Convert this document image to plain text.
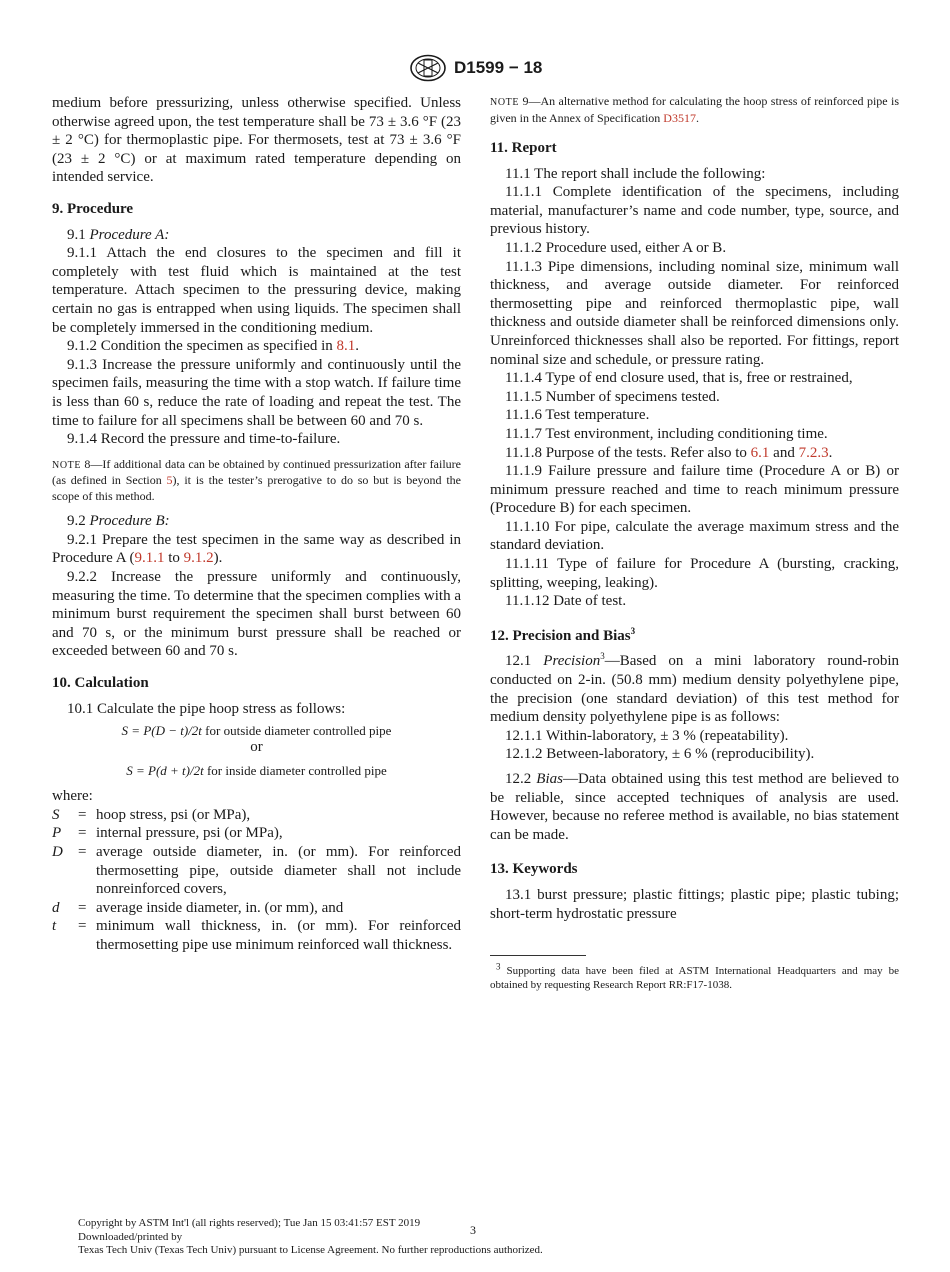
D1599 − 18

medium before pressurizing, unless otherwise specified. Unless otherwise agreed upon, the test temperature shall be 73 ± 3.6 °F (23 ± 2 °C) for thermoplastic pipe. For thermosets, test at 73 ± 3.6 °F (23 ± 2 °C) or at maximum rated temperature depending on intended service.

9. Procedure

9.1 Procedure A:

9.1.1 Attach the end closures to the specimen and fill it completely with test fluid which is maintained at the test temperature. Attach specimen to the pressuring device, making certain no gas is entrapped when using liquids. The specimen shall be completely immersed in the conditioning medium.

9.1.2 Condition the specimen as specified in 8.1.

9.1.3 Increase the pressure uniformly and continuously until the specimen fails, measuring the time with a stop watch. If failure time is less than 60 s, reduce the rate of loading and repeat the test. The time to failure for all specimens shall be between 60 and 70 s.

9.1.4 Record the pressure and time-to-failure.

NOTE 8—If additional data can be obtained by continued pressurization after failure (as defined in Section 5), it is the tester’s prerogative to do so but is beyond the scope of this method.

9.2 Procedure B:

9.2.1 Prepare the test specimen in the same way as described in Procedure A (9.1.1 to 9.1.2).

9.2.2 Increase the pressure uniformly and continuously, measuring the time. To determine that the specimen complies with a minimum burst requirement the specimen shall burst between 60 and 70 s, or the minimum burst pressure shall be reached or exceeded between 60 and 70 s.

10. Calculation

10.1 Calculate the pipe hoop stress as follows:

S = P(D − t)/2t for outside diameter controlled pipe
or
S = P(d + t)/2t for inside diameter controlled pipe

where:

S	= hoop stress, psi (or MPa),
P	= internal pressure, psi (or MPa),
D	= average outside diameter, in. (or mm). For reinforced thermosetting pipe, outside diameter shall not include nonreinforced covers,
d	= average inside diameter, in. (or mm), and
t	= minimum wall thickness, in. (or mm). For reinforced thermosetting pipe use minimum reinforced wall thickness.

NOTE 9—An alternative method for calculating the hoop stress of reinforced pipe is given in the Annex of Specification D3517.

11. Report

11.1 The report shall include the following:

11.1.1 Complete identification of the specimens, including material, manufacturer’s name and code number, type, source, and previous history.

11.1.2 Procedure used, either A or B.

11.1.3 Pipe dimensions, including nominal size, minimum wall thickness, and average outside diameter. For reinforced thermosetting pipe and reinforced thermoplastic pipe, wall thickness and outside diameter shall be reinforced dimensions only. Unreinforced thicknesses shall also be reported. For fittings, report nominal size and schedule, or pressure rating.

11.1.4 Type of end closure used, that is, free or restrained,

11.1.5 Number of specimens tested.

11.1.6 Test temperature.

11.1.7 Test environment, including conditioning time.

11.1.8 Purpose of the tests. Refer also to 6.1 and 7.2.3.

11.1.9 Failure pressure and failure time (Procedure A or B) or minimum pressure reached and time to reach minimum pressure (Procedure B) for each specimen.

11.1.10 For pipe, calculate the average maximum stress and the standard deviation.

11.1.11 Type of failure for Procedure A (bursting, cracking, splitting, weeping, leaking).

11.1.12 Date of test.

12. Precision and Bias$^3$

12.1 Precision$^3$—Based on a mini laboratory round-robin conducted on 2-in. (50.8 mm) medium density polyethylene pipe, the precision (one standard deviation) of this test method for medium density polyethylene pipe is as follows:

12.1.1 Within-laboratory, ± 3 % (repeatability).

12.1.2 Between-laboratory, ± 6 % (reproducibility).

12.2 Bias—Data obtained using this test method are believed to be reliable, since accepted techniques of analysis are used. However, because no referee method is available, no bias statement can be made.

13. Keywords

13.1 burst pressure; plastic fittings; plastic pipe; plastic tubing; short-term hydrostatic pressure

$^3$ Supporting data have been filed at ASTM International Headquarters and may be obtained by requesting Research Report RR:F17-1038.

Copyright by ASTM Int'l (all rights reserved); Tue Jan 15 03:41:57 EST 2019
Downloaded/printed by
Texas Tech Univ (Texas Tech Univ) pursuant to License Agreement. No further reproductions authorized.
3
